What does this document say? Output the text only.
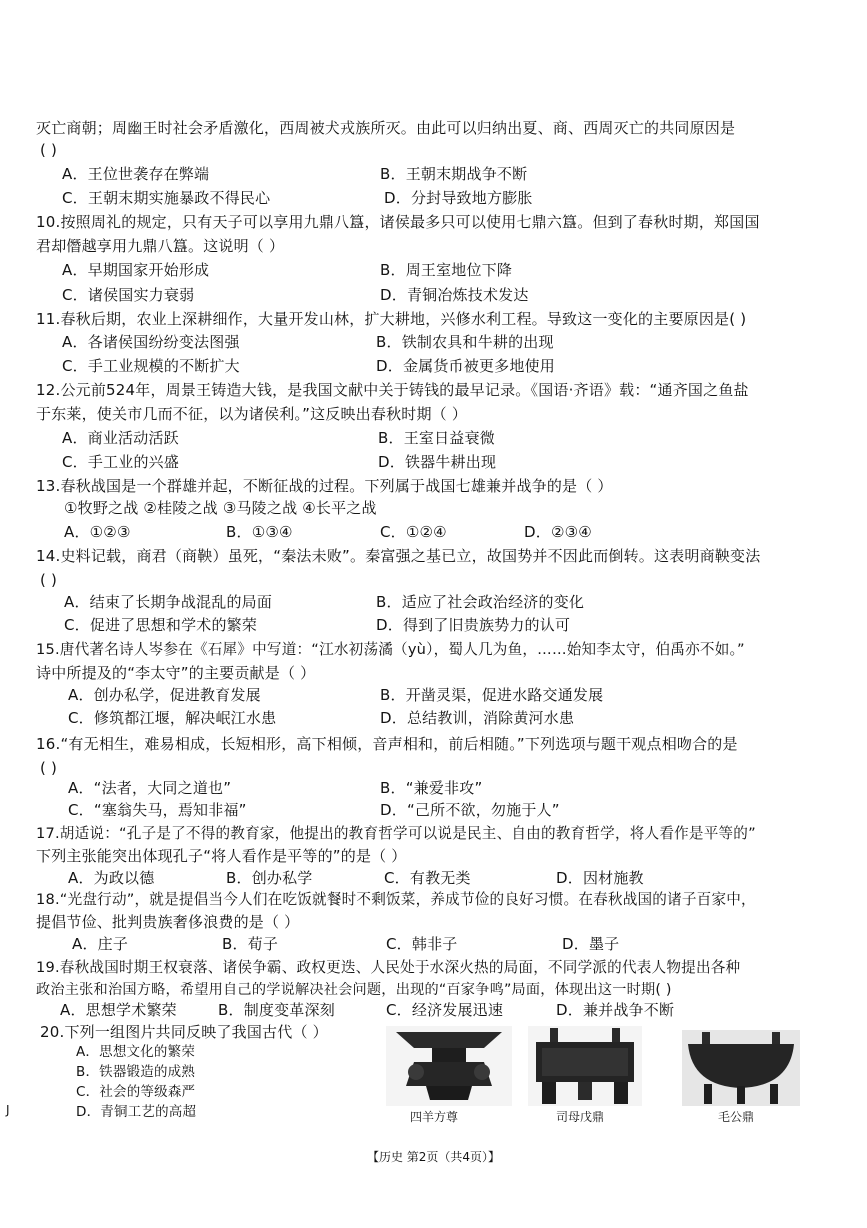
灭亡商朝；周幽王时社会矛盾激化，西周被犬戎族所灭。由此可以归纳出夏、商、西周灭亡的共同原因是
( )
A．王位世袭存在弊端	B．王朝末期战争不断
C．王朝末期实施暴政不得民心	D．分封导致地方膨胀
10.按照周礼的规定，只有天子可以享用九鼎八簋，诸侯最多只可以使用七鼎六簋。但到了春秋时期，郑国国
君却僭越享用九鼎八簋。这说明（ ）
A．早期国家开始形成	B．周王室地位下降
C．诸侯国实力衰弱	D．青铜冶炼技术发达
11.春秋后期，农业上深耕细作，大量开发山林，扩大耕地，兴修水利工程。导致这一变化的主要原因是( )
A．各诸侯国纷纷变法图强	B．铁制农具和牛耕的出现
C．手工业规模的不断扩大	D．金属货币被更多地使用
12.公元前524年，周景王铸造大钱，是我国文献中关于铸钱的最早记录。《国语·齐语》载：“通齐国之鱼盐
于东莱，使关市几而不征，以为诸侯利。”这反映出春秋时期（ ）
A．商业活动活跃	B．王室日益衰微
C．手工业的兴盛	D．铁器牛耕出现
13.春秋战国是一个群雄并起，不断征战的过程。下列属于战国七雄兼并战争的是（ ）
①牧野之战 ②桂陵之战 ③马陵之战 ④长平之战
A．①②③	B．①③④	C．①②④	D．②③④
14.史料记载，商君（商鞅）虽死，“秦法未败”。秦富强之基已立，故国势并不因此而倒转。这表明商鞅变法
( )
A．结束了长期争战混乱的局面	B．适应了社会政治经济的变化
C．促进了思想和学术的繁荣	D．得到了旧贵族势力的认可
15.唐代著名诗人岑参在《石犀》中写道：“江水初荡潏（yù），蜀人几为鱼，……始知李太守，伯禹亦不如。”
诗中所提及的“李太守”的主要贡献是（ ）
A．创办私学，促进教育发展	B．开凿灵渠，促进水路交通发展
C．修筑都江堰，解决岷江水患	D．总结教训，消除黄河水患
16.“有无相生，难易相成，长短相形，高下相倾，音声相和，前后相随。”下列选项与题干观点相吻合的是
( )
A．“法者，大同之道也”	B．“兼爱非攻”
C．“塞翁失马，焉知非福”	D．“己所不欲，勿施于人”
17.胡适说：“孔子是了不得的教育家，他提出的教育哲学可以说是民主、自由的教育哲学，将人看作是平等的”
下列主张能突出体现孔子“将人看作是平等的”的是（ ）
A．为政以德	B．创办私学	C．有教无类	D．因材施教
18.“光盘行动”，就是提倡当今人们在吃饭就餐时不剩饭菜，养成节俭的良好习惯。在春秋战国的诸子百家中，
提倡节俭、批判贵族奢侈浪费的是（ ）
A．庄子	B．荀子	C．韩非子	D．墨子
19.春秋战国时期王权衰落、诸侯争霸、政权更迭、人民处于水深火热的局面，不同学派的代表人物提出各种
政治主张和治国方略，希望用自己的学说解决社会问题，出现的“百家争鸣”局面，体现出这一时期( )
A．思想学术繁荣	B．制度变革深刻	C．经济发展迅速	D．兼并战争不断
20.下列一组图片共同反映了我国古代（ ）
A．思想文化的繁荣
B．铁器锻造的成熟
C．社会的等级森严
D．青铜工艺的高超
J	四羊方尊	司母戊鼎	毛公鼎
【历史 第2页（共4页）】
